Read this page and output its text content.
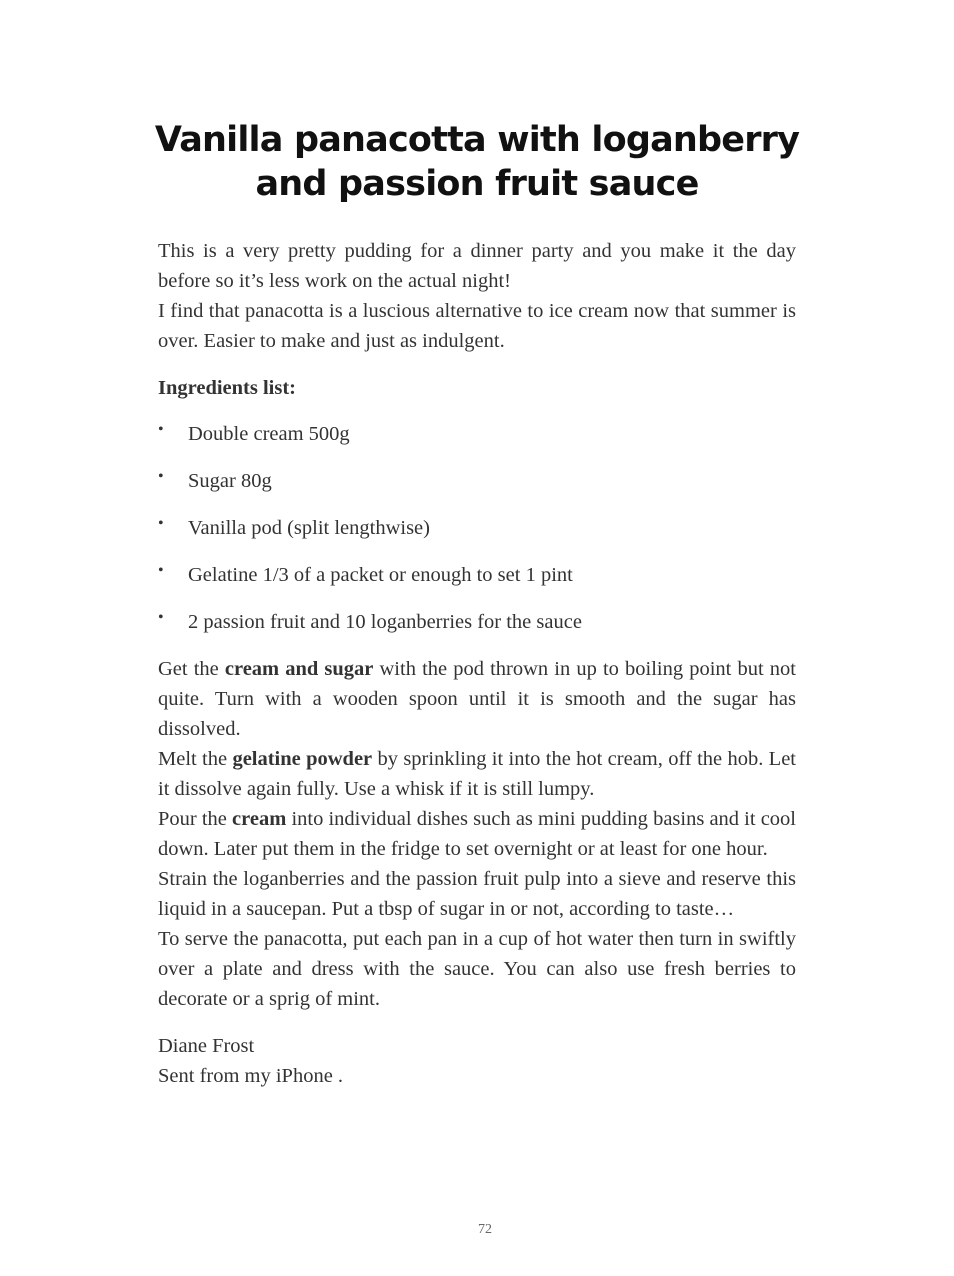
Vanilla panacotta with loganberry and passion fruit sauce

This is a very pretty pudding for a dinner party and you make it the day before so it’s less work on the actual night!

I find that panacotta is a luscious alternative to ice cream now that summer is over. Easier to make and just as indulgent.

Ingredients list:
• Double cream 500g
• Sugar 80g
• Vanilla pod (split lengthwise)
• Gelatine 1/3 of a packet or enough to set 1 pint
• 2 passion fruit and 10 loganberries for the sauce

Get the cream and sugar with the pod thrown in up to boiling point but not quite. Turn with a wooden spoon until it is smooth and the sugar has dissolved.

Melt the gelatine powder by sprinkling it into the hot cream, off the hob. Let it dissolve again fully. Use a whisk if it is still lumpy.

Pour the cream into individual dishes such as mini pudding basins and it cool down. Later put them in the fridge to set overnight or at least for one hour.

Strain the loganberries and the passion fruit pulp into a sieve and reserve this liquid in a saucepan. Put a tbsp of sugar in or not, according to taste…

To serve the panacotta, put each pan in a cup of hot water then turn in swiftly over a plate and dress with the sauce. You can also use fresh berries to decorate or a sprig of mint.

Diane Frost

Sent from my iPhone .

72
